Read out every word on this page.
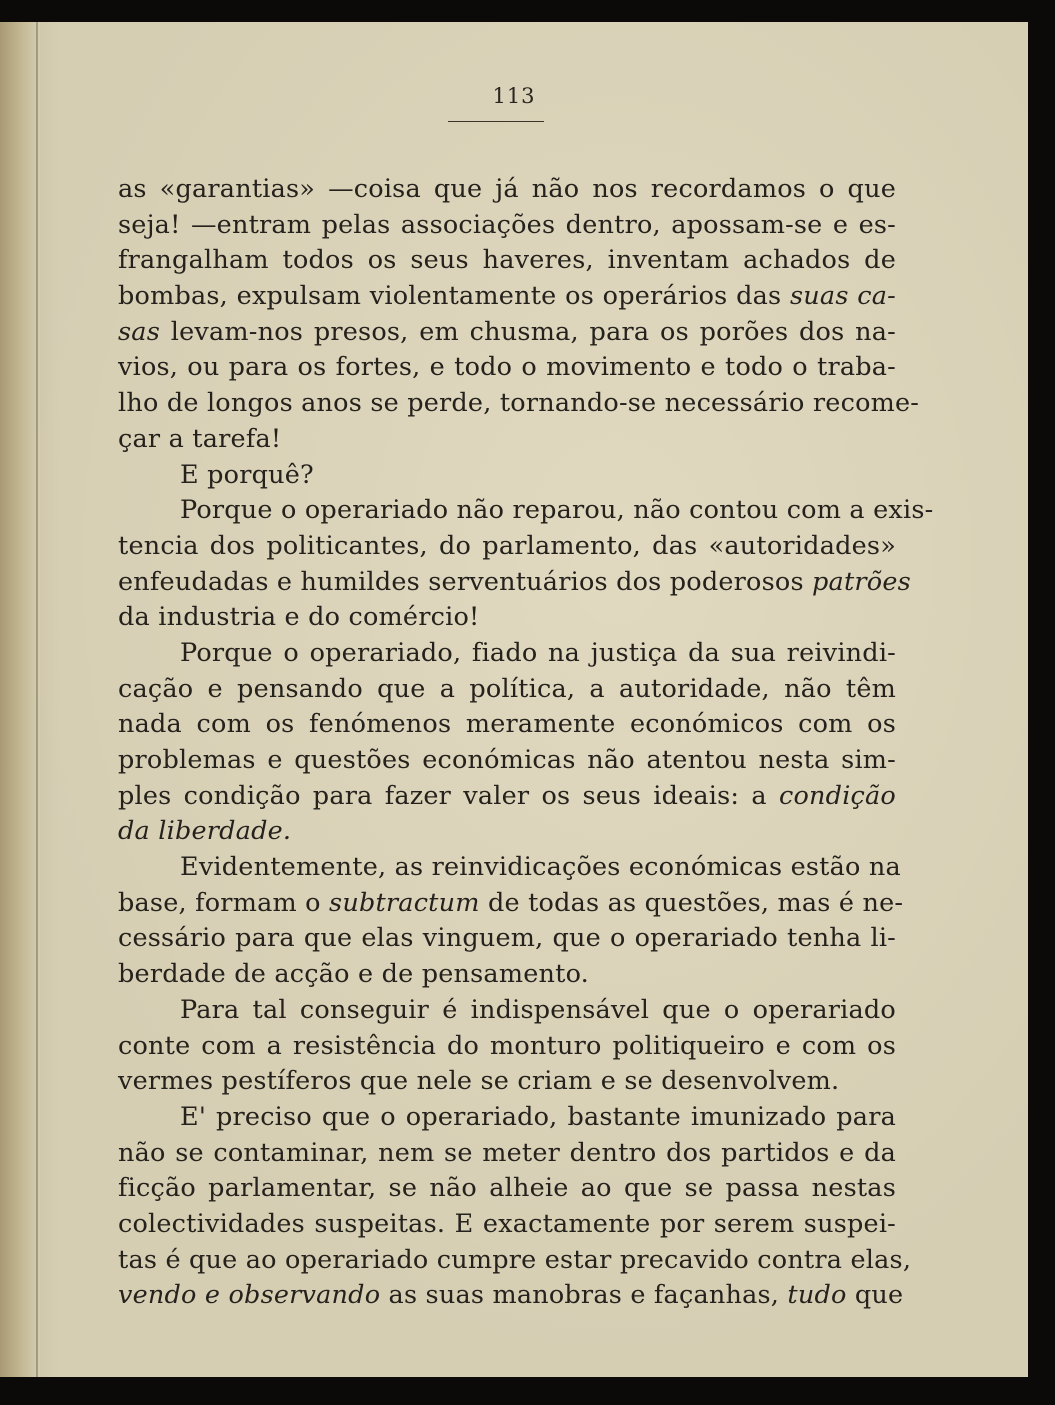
113
as «garantias» —coisa que já não nos recordamos o que
seja! —entram pelas associações dentro, apossam-se e es-
frangalham todos os seus haveres, inventam achados de
bombas, expulsam violentamente os operários das suas ca-
sas levam-nos presos, em chusma, para os porões dos na-
vios, ou para os fortes, e todo o movimento e todo o traba-
lho de longos anos se perde, tornando-se necessário recome-
çar a tarefa!
E porquê?
Porque o operariado não reparou, não contou com a exis-
tencia dos politicantes, do parlamento, das «autoridades»
enfeudadas e humildes serventuários dos poderosos patrões
da industria e do comércio!
Porque o operariado, fiado na justiça da sua reivindi-
cação e pensando que a política, a autoridade, não têm
nada com os fenómenos meramente económicos com os
problemas e questões económicas não atentou nesta sim-
ples condição para fazer valer os seus ideais: a condição
da liberdade.
Evidentemente, as reinvidicações económicas estão na
base, formam o subtractum de todas as questões, mas é ne-
cessário para que elas vinguem, que o operariado tenha li-
berdade de acção e de pensamento.
Para tal conseguir é indispensável que o operariado
conte com a resistência do monturo politiqueiro e com os
vermes pestíferos que nele se criam e se desenvolvem.
E' preciso que o operariado, bastante imunizado para
não se contaminar, nem se meter dentro dos partidos e da
ficção parlamentar, se não alheie ao que se passa nestas
colectividades suspeitas. E exactamente por serem suspei-
tas é que ao operariado cumpre estar precavido contra elas,
vendo e observando as suas manobras e façanhas, tudo que
